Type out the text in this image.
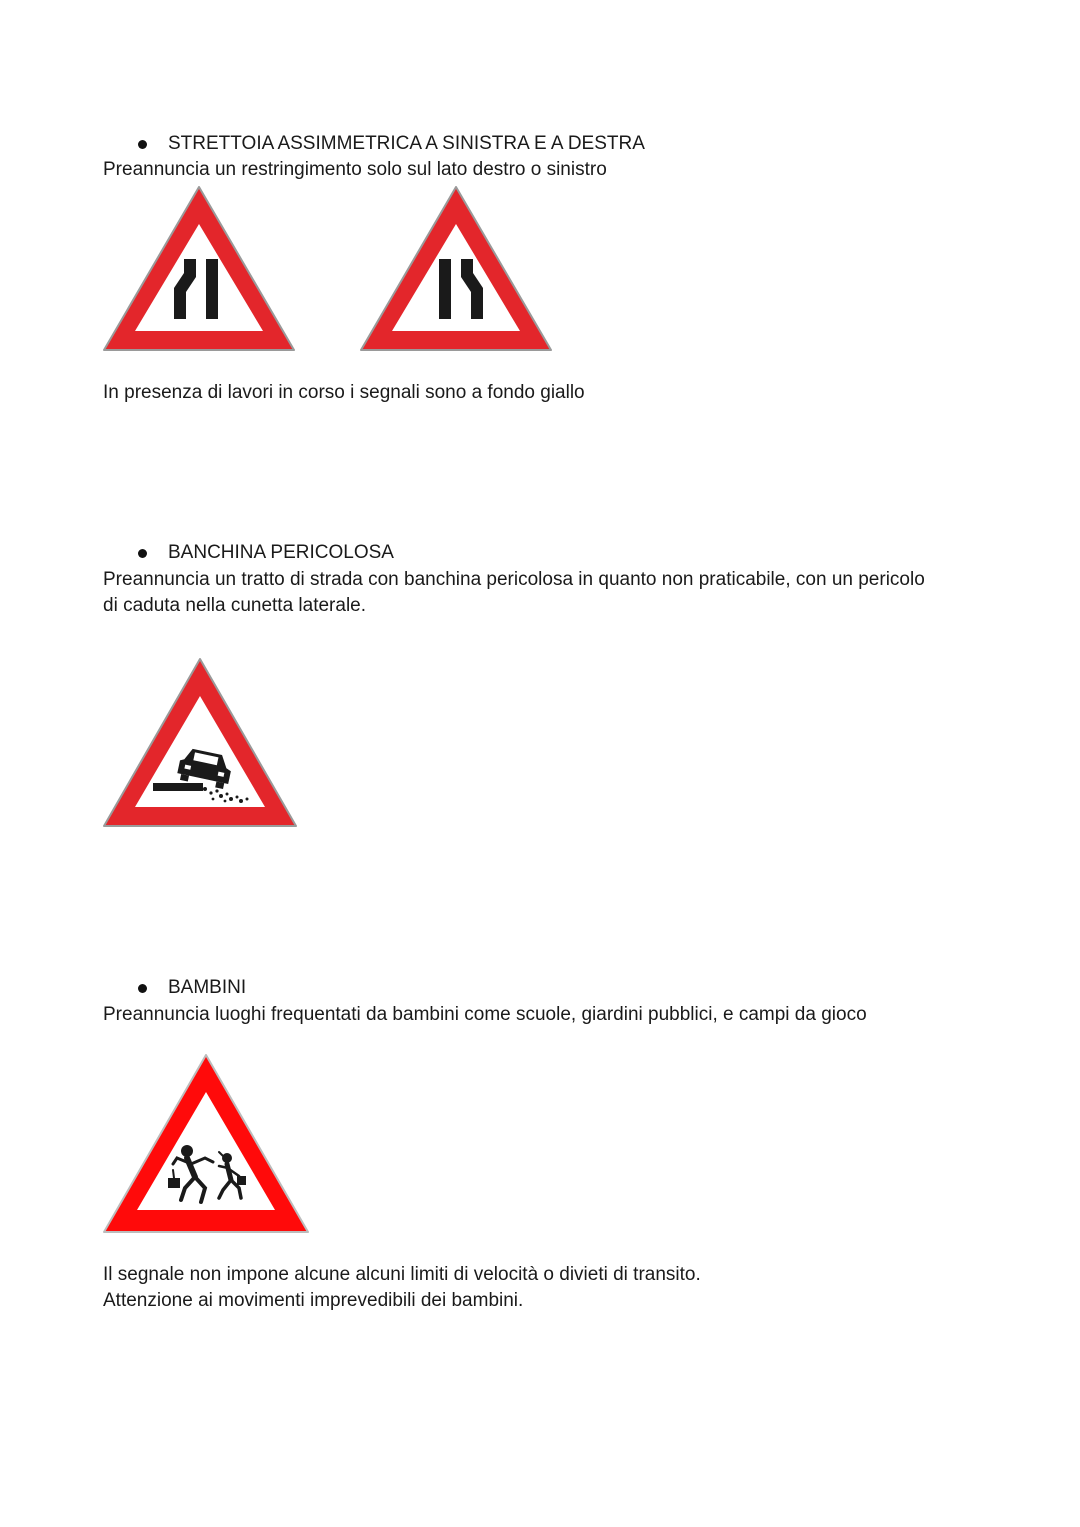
STRETTOIA ASSIMMETRICA A SINISTRA E A DESTRA
Preannuncia un restringimento solo sul lato destro o sinistro
In presenza di lavori in corso i segnali sono a fondo giallo
BANCHINA PERICOLOSA
Preannuncia un tratto di strada con banchina pericolosa in quanto non praticabile, con un pericolo
di caduta nella cunetta laterale.
BAMBINI
Preannuncia luoghi frequentati da bambini come scuole, giardini pubblici, e campi da gioco
Il segnale non impone alcune alcuni limiti di velocità o divieti di transito.
Attenzione ai movimenti imprevedibili dei bambini.
